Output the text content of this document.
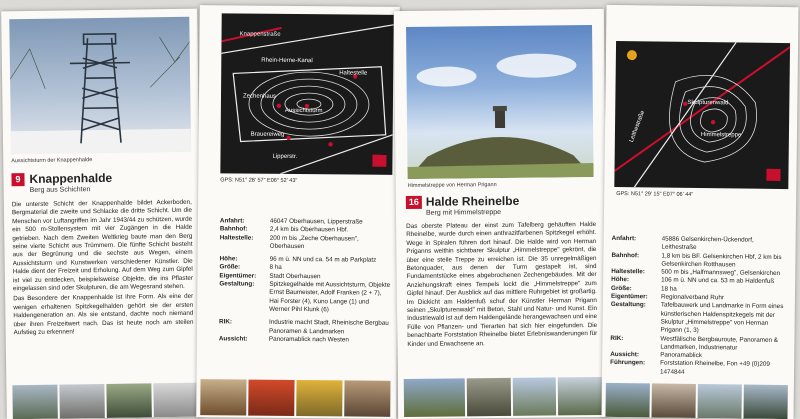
Aussichtsturm der Knappenhalde
9 Knappenhalde
Berg aus Schichten

Die unterste Schicht der Knappenhalde bildet Ackerboden, Bergmaterial die zweite und Schlacke die dritte Schicht. Um die Menschen vor Luftangriffen im Jahr 1943/44 zu schützen, wurde ein 500 m-Stollensystem mit vier Zugängen in die Halde getrieben. Nach dem Zweiten Weltkrieg baute man den Berg seine vierte Schicht aus Trümmern. Die fünfte Schicht besteht aus der Begrünung und die sechste aus Wegen, einem Aussichtsturm und Kunstwerken verschiedener Künstler. Die Halde dient der Freizeit und Erholung. Auf dem Weg zum Gipfel ist viel zu entdecken, beispielsweise Objekte, die ins Pflaster eingelassen sind oder Skulpturen, die am Wegesrand stehen.

Das Besondere der Knappenhalde ist ihre Form. Als eine der wenigen erhaltenen Spitzkegelhalden gehört sie der ersten Haldengeneration an. Als sie entstand, dachte noch niemand über ihren Freizeitwert nach. Das ist heute noch am steilen Aufstieg zu erkennen!

Knappenstraße
Rhein-Herne-Kanal
Haltestelle
Zechenhaus
Aussichtsturm
Brauereiweg
Lipperstr.
GPS: N51° 28' 57" E06° 52' 43"
Anfahrt:	46047 Oberhausen, Lipperstraße
Bahnhof:	2,4 km bis Oberhausen Hbf.
Haltestelle:	200 m bis „Zeche Oberhausen", Oberhausen
Höhe:	96 m ü. NN und ca. 54 m ab Parkplatz
Größe:	8 ha
Eigentümer:	Stadt Oberhausen
Gestaltung:	Spitzkegelhalde mit Aussichtsturm, Objekte Ernst Baumeister, Adolf Franken (2 + 7), Hai Forster (4), Kuno Lange (1) und Werner Pihl Klunk (6)
RIK:	Industrie macht Stadt, Rheinische Bergbau Panoramen & Landmarken
Aussicht:	Panoramablick nach Westen
Himmelstreppe von Herman Prigann
16 Halde Rheinelbe
Berg mit Himmelstreppe

Das oberste Plateau der einst zum Tafelberg gehäuften Halde Rheinelbe, wurde durch einen anthrazitfarbenen Spitzkegel erhöht. Wege in Spiralen führen dort hinauf. Die Halde wird von Herman Priganns weithin sichtbarer Skulptur „Himmelstreppe" gekrönt, die über eine steile Treppe zu erreichen ist. Die 35 unregelmäßigen Betonquader, aus denen der Turm gestapelt ist, sind Fundamentstücke eines abgebrochenen Zechengebäudes. Mit der Anziehungskraft eines Tempels lockt die „Himmelstreppe" zum Gipfel hinauf. Der Ausblick auf das mittlere Ruhrgebiet ist großartig. Im Dickicht am Haldenfuß schuf der Künstler Herman Prigann seinen „Skulpturenwald" mit Beton, Stahl und Natur- und Kunst. Ein Industriewald ist auf dem Haldengelände herangewachsen und eine Fülle von Pflanzen- und Tierarten hat sich hier eingefunden. Die benachbarte Forststation Rheinelbe bietet Erlebniswanderungen für Kinder und Erwachsene an.

Skulpturenwald
Himmelstreppe
Leithestraße
GPS: N51° 29' 15" E07° 06' 44"
Anfahrt:	45886 Gelsenkirchen-Ückendorf, Leithestraße
Bahnhof:	1,8 km bis BF. Gelsenkirchen Hbf, 2 km bis Gelsenkirchen Rotthausen
Haltestelle:	500 m bis „Halfmannsweg", Gelsenkirchen
Höhe:	106 m ü. NN und ca. 53 m ab Haldenfuß
Größe:	18 ha
Eigentümer:	Regionalverband Ruhr
Gestaltung:	Tafelbauwerk und Landmarke in Form eines künstlerischen Haldenspitzkegels mit der Skulptur „Himmelstreppe" von Herman Prigann (1, 3)
RIK:	Westfälische Bergbauroute, Panoramen & Landmarken, Industrienatur
Aussicht:	Panoramablick
Führungen:	Forststation Rheinelbe, Fon +49 (0)209 1474844
